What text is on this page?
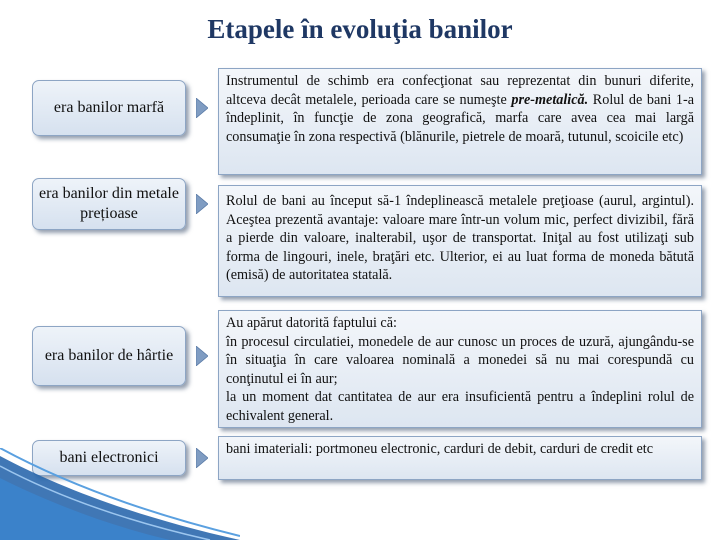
Etapele în evoluţia banilor
era banilor marfă

Instrumentul de schimb era confecţionat sau reprezentat din bunuri diferite, altceva decât metalele, perioada care se numeşte pre-metalică. Rolul de bani 1-a îndeplinit, în funcţie de zona geografică, marfa care avea cea mai largă consumaţie în zona respectivă (blănurile, pietrele de moară, tutunul, scoicile etc)

era banilor din metale prețioase

Rolul de bani au început să-1 îndeplinească metalele preţioase (aurul, argintul). Aceştea prezentă avantaje: valoare mare într-un volum mic, perfect divizibil, fără a pierde din valoare, inalterabil, uşor de transportat. Iniţal au fost utilizaţi sub forma de lingouri, inele, braţări etc. Ulterior, ei au luat forma de moneda bătută (emisă) de autoritatea statală.

era banilor de hârtie

Au apărut datorită faptului că:

în procesul circulatiei, monedele de aur cunosc un proces de uzură, ajungându-se în situaţia în care valoarea nominală a monedei să nu mai corespundă cu conţinutul ei în aur;

la un moment dat cantitatea de aur era insuficientă pentru a îndeplini rolul de echivalent general.

bani electronici	bani imateriali: portmoneu electronic, carduri de debit, carduri de credit etc
